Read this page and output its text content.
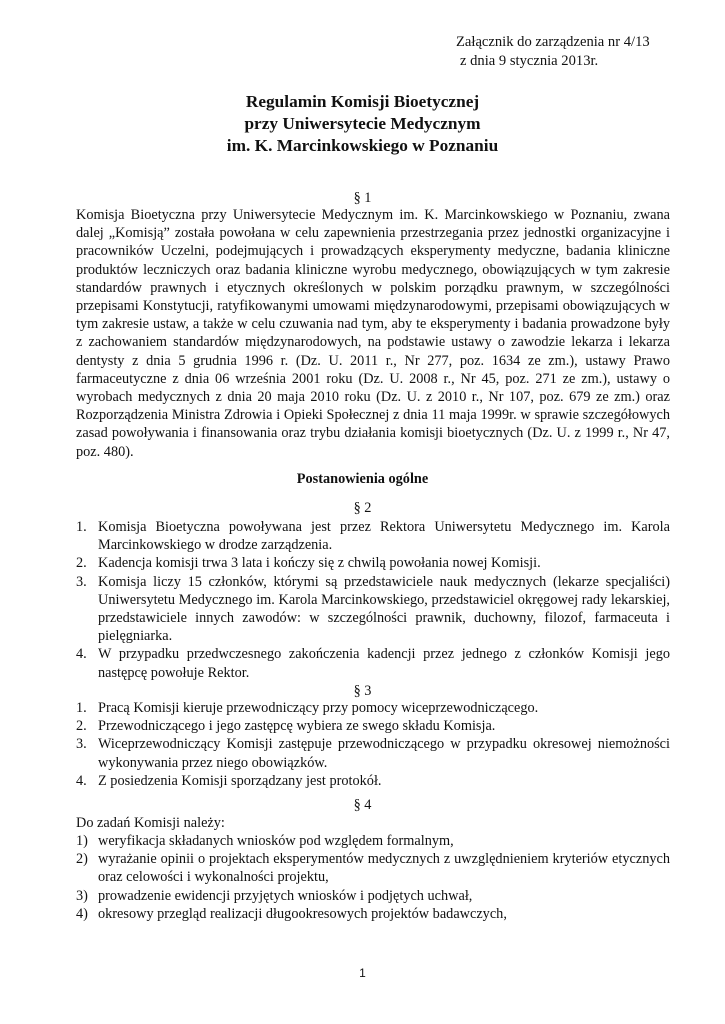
Załącznik do zarządzenia nr 4/13
z dnia 9 stycznia 2013r.
Regulamin Komisji Bioetycznej
przy Uniwersytecie Medycznym
im. K. Marcinkowskiego w Poznaniu
§ 1
Komisja Bioetyczna przy Uniwersytecie Medycznym im. K. Marcinkowskiego w Poznaniu, zwana dalej „Komisją” została powołana w celu zapewnienia przestrzegania przez jednostki organizacyjne i pracowników Uczelni, podejmujących i prowadzących eksperymenty medyczne, badania kliniczne produktów leczniczych oraz badania kliniczne wyrobu medycznego, obowiązujących w tym zakresie standardów prawnych i etycznych określonych w polskim porządku prawnym, w szczególności przepisami Konstytucji, ratyfikowanymi umowami międzynarodowymi, przepisami obowiązujących w tym zakresie ustaw, a także w celu czuwania nad tym, aby te eksperymenty i badania prowadzone były z zachowaniem standardów międzynarodowych, na podstawie ustawy o zawodzie lekarza i lekarza dentysty z dnia 5 grudnia 1996 r. (Dz. U. 2011 r., Nr 277, poz. 1634 ze zm.), ustawy Prawo farmaceutyczne z dnia 06 września 2001 roku (Dz. U. 2008 r., Nr 45, poz. 271 ze zm.), ustawy o wyrobach medycznych z dnia 20 maja 2010 roku (Dz. U. z 2010 r., Nr 107, poz. 679 ze zm.) oraz Rozporządzenia Ministra Zdrowia i Opieki Społecznej z dnia 11 maja 1999r. w sprawie szczegółowych zasad powoływania i finansowania oraz trybu działania komisji bioetycznych (Dz. U. z 1999 r., Nr 47, poz. 480).
Postanowienia ogólne
§ 2
1. Komisja Bioetyczna powoływana jest przez Rektora Uniwersytetu Medycznego im. Karola Marcinkowskiego w drodze zarządzenia.
2. Kadencja komisji trwa 3 lata i kończy się z chwilą powołania nowej Komisji.
3. Komisja liczy 15 członków, którymi są przedstawiciele nauk medycznych (lekarze specjaliści) Uniwersytetu Medycznego im. Karola Marcinkowskiego, przedstawiciel okręgowej rady lekarskiej, przedstawiciele innych zawodów: w szczególności prawnik, duchowny, filozof, farmaceuta i pielęgniarka.
4. W przypadku przedwczesnego zakończenia kadencji przez jednego z członków Komisji jego następcę powołuje Rektor.
§ 3
1. Pracą Komisji kieruje przewodniczący przy pomocy wiceprzewodniczącego.
2. Przewodniczącego i jego zastępcę wybiera ze swego składu Komisja.
3. Wiceprzewodniczący Komisji zastępuje przewodniczącego w przypadku okresowej niemożności wykonywania przez niego obowiązków.
4. Z posiedzenia Komisji sporządzany jest protokół.
§ 4
Do zadań Komisji należy:
1) weryfikacja składanych wniosków pod względem formalnym,
2) wyrażanie opinii o projektach eksperymentów medycznych z uwzględnieniem kryteriów etycznych oraz celowości i wykonalności projektu,
3) prowadzenie ewidencji przyjętych wniosków i podjętych uchwał,
4) okresowy przegląd realizacji długookresowych projektów badawczych,
1
